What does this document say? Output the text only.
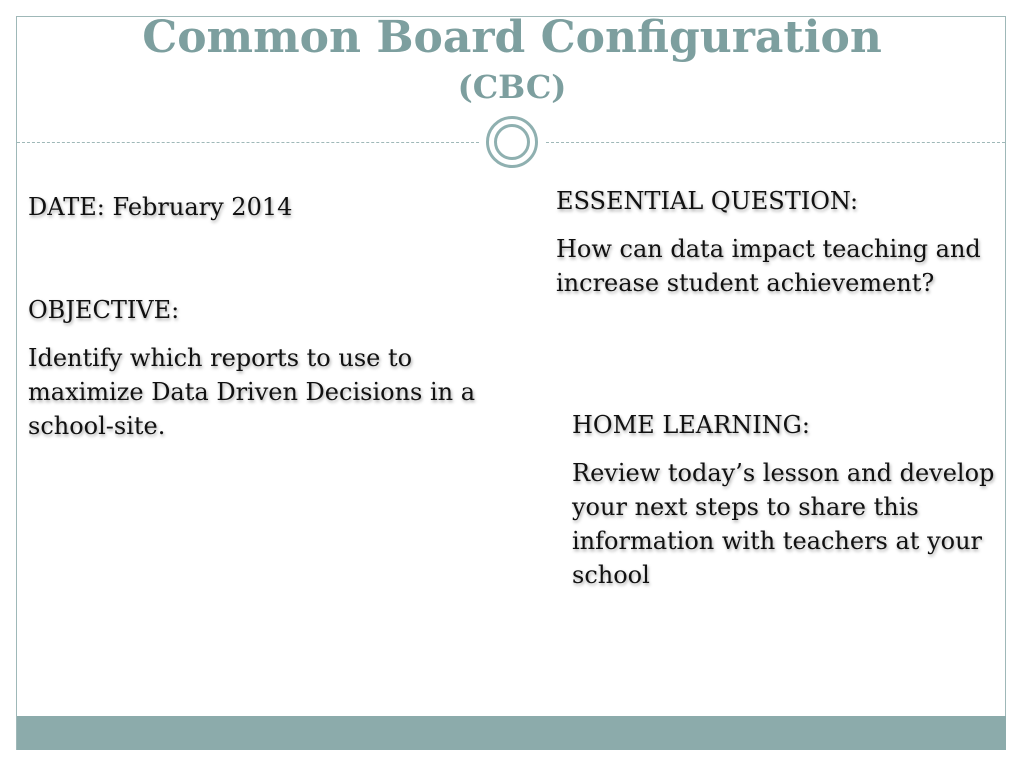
Common Board Configuration
(CBC)
DATE: February 2014
OBJECTIVE:
Identify which reports to use to maximize Data Driven Decisions in a school-site.
ESSENTIAL QUESTION:
How can data impact teaching and increase student achievement?
HOME LEARNING:
Review today’s lesson and develop your next steps to share this information with teachers at your school
